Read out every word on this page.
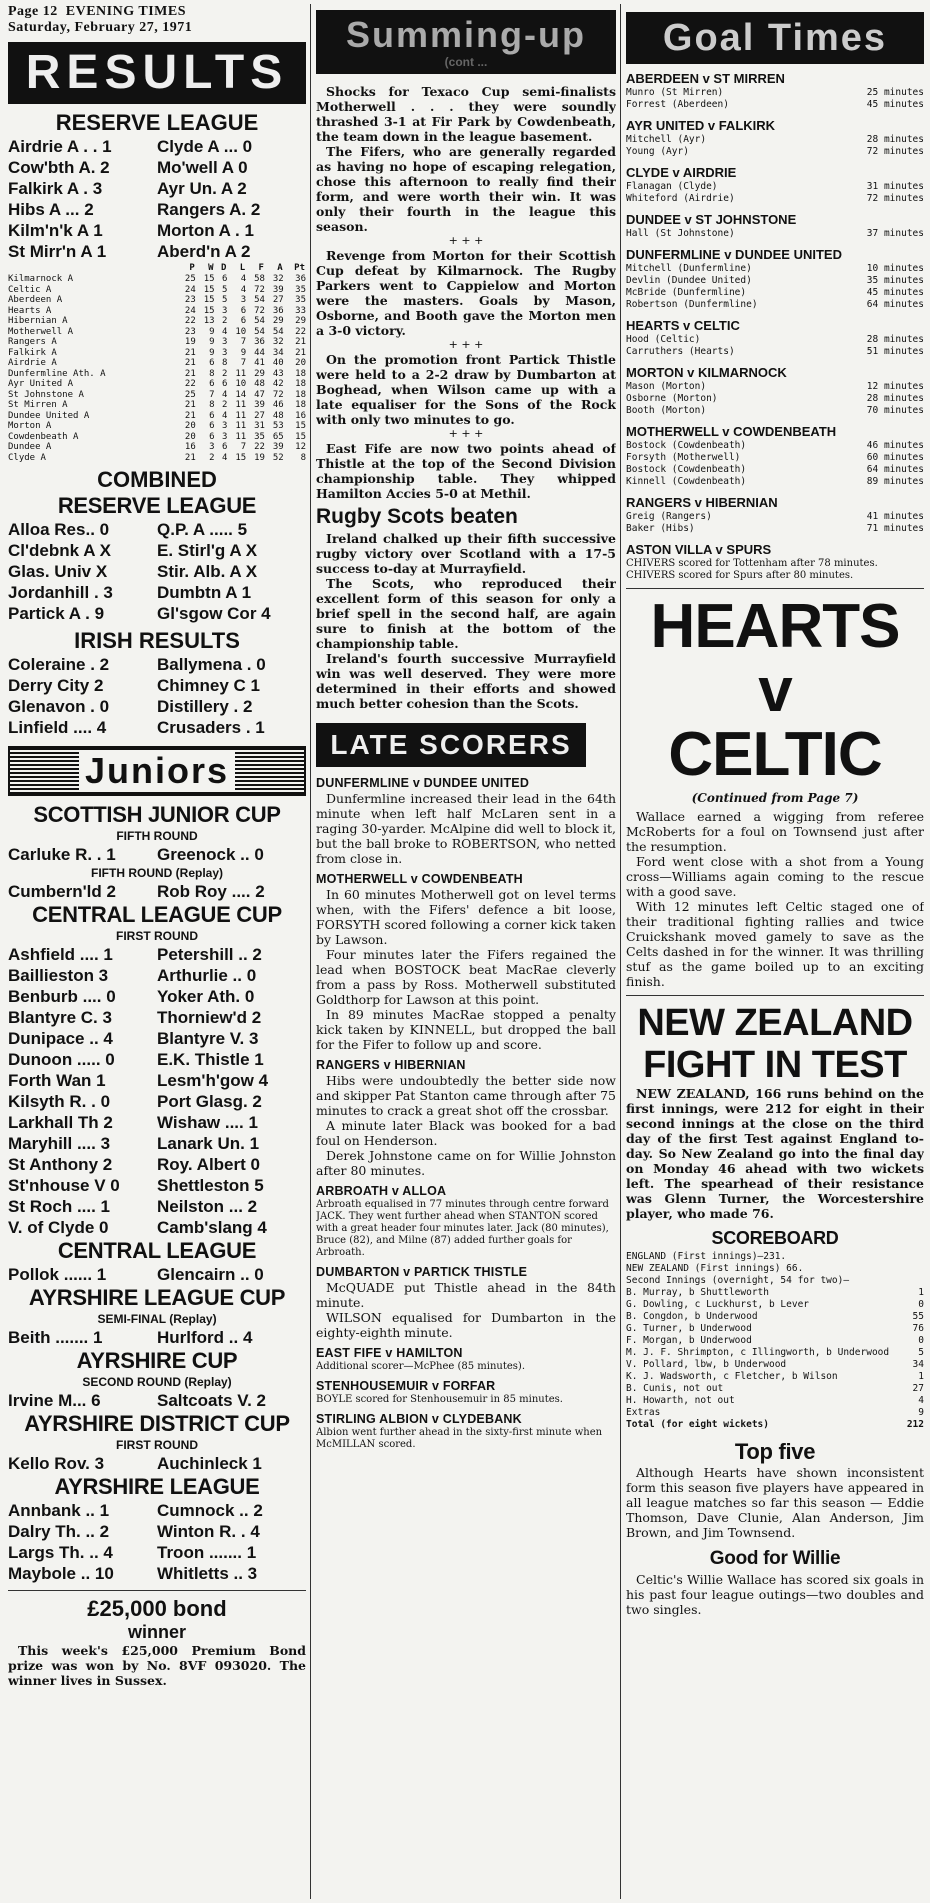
Page 12 EVENING TIMES
Saturday, February 27, 1971
RESULTS
RESERVE LEAGUE
Airdrie A . . 1	Clyde A ... 0
Cow'bth A. 2	Mo'well A 0
Falkirk A . 3	Ayr Un. A 2
Hibs A ... 2	Rangers A. 2
Kilm'n'k A 1	Morton A . 1
St Mirr'n A 1	Aberd'n A 2
	P	W	D	L	F	A	Pt
Kilmarnock A	25	15	6	4	58	32	36
Celtic A	24	15	5	4	72	39	35
Aberdeen A	23	15	5	3	54	27	35
Hearts A	24	15	3	6	72	36	33
Hibernian A	22	13	2	6	54	29	29
Motherwell A	23	9	4	10	54	54	22
Rangers A	19	9	3	7	36	32	21
Falkirk A	21	9	3	9	44	34	21
Airdrie A	21	6	8	7	41	40	20
Dunfermline Ath. A	21	8	2	11	29	43	18
Ayr United A	22	6	6	10	48	42	18
St Johnstone A	25	7	4	14	47	72	18
St Mirren A	21	8	2	11	39	46	18
Dundee United A	21	6	4	11	27	48	16
Morton A	20	6	3	11	31	53	15
Cowdenbeath A	20	6	3	11	35	65	15
Dundee A	16	3	6	7	22	39	12
Clyde A	21	2	4	15	19	52	8
COMBINED
RESERVE LEAGUE
Alloa Res.. 0	Q.P. A ..... 5
Cl'debnk A X	E. Stirl'g A X
Glas. Univ X	Stir. Alb. A X
Jordanhill . 3	Dumbtn A 1
Partick A . 9	Gl'sgow Cor 4
IRISH RESULTS
Coleraine . 2	Ballymena . 0
Derry City 2	Chimney C 1
Glenavon . 0	Distillery . 2
Linfield .... 4	Crusaders . 1
Juniors
SCOTTISH JUNIOR CUP
FIFTH ROUND
Carluke R. . 1	Greenock .. 0
FIFTH ROUND (Replay)
Cumbern'ld 2	Rob Roy .... 2
CENTRAL LEAGUE CUP
FIRST ROUND
Ashfield .... 1	Petershill .. 2
Baillieston 3	Arthurlie .. 0
Benburb .... 0	Yoker Ath. 0
Blantyre C. 3	Thorniew'd 2
Dunipace .. 4	Blantyre V. 3
Dunoon ..... 0	E.K. Thistle 1
Forth Wan 1	Lesm'h'gow 4
Kilsyth R. . 0	Port Glasg. 2
Larkhall Th 2	Wishaw .... 1
Maryhill .... 3	Lanark Un. 1
St Anthony 2	Roy. Albert 0
St'nhouse V 0	Shettleston 5
St Roch .... 1	Neilston ... 2
V. of Clyde 0	Camb'slang 4
CENTRAL LEAGUE
Pollok ...... 1	Glencairn .. 0
AYRSHIRE LEAGUE CUP
SEMI-FINAL (Replay)
Beith ....... 1	Hurlford .. 4
AYRSHIRE CUP
SECOND ROUND (Replay)
Irvine M... 6	Saltcoats V. 2
AYRSHIRE DISTRICT CUP
FIRST ROUND
Kello Rov. 3	Auchinleck 1
AYRSHIRE LEAGUE
Annbank .. 1	Cumnock .. 2
Dalry Th. .. 2	Winton R. . 4
Largs Th. .. 4	Troon ....... 1
Maybole .. 10	Whitletts .. 3
£25,000 bond
winner

This week's £25,000 Premium Bond prize was won by No. 8VF 093020. The winner lives in Sussex.

Summing-up
(cont ...

Shocks for Texaco Cup semi-finalists Motherwell . . . they were soundly thrashed 3-1 at Fir Park by Cowdenbeath, the team down in the league basement.

The Fifers, who are generally regarded as having no hope of escaping relegation, chose this afternoon to really find their form, and were worth their win. It was only their fourth in the league this season.

+ + +

Revenge from Morton for their Scottish Cup defeat by Kilmarnock. The Rugby Parkers went to Cappielow and Morton were the masters. Goals by Mason, Osborne, and Booth gave the Morton men a 3-0 victory.

+ + +

On the promotion front Partick Thistle were held to a 2-2 draw by Dumbarton at Boghead, when Wilson came up with a late equaliser for the Sons of the Rock with only two minutes to go.

+ + +

East Fife are now two points ahead of Thistle at the top of the Second Division championship table. They whipped Hamilton Accies 5-0 at Methil.

Rugby Scots beaten

Ireland chalked up their fifth successive rugby victory over Scotland with a 17-5 success to-day at Murrayfield.

The Scots, who reproduced their excellent form of this season for only a brief spell in the second half, are again sure to finish at the bottom of the championship table.

Ireland's fourth successive Murrayfield win was well deserved. They were more determined in their efforts and showed much better cohesion than the Scots.

LATE SCORERS
DUNFERMLINE v DUNDEE UNITED

Dunfermline increased their lead in the 64th minute when left half McLaren sent in a raging 30-yarder. McAlpine did well to block it, but the ball broke to ROBERTSON, who netted from close in.

MOTHERWELL v COWDENBEATH

In 60 minutes Motherwell got on level terms when, with the Fifers' defence a bit loose, FORSYTH scored following a corner kick taken by Lawson.

Four minutes later the Fifers regained the lead when BOSTOCK beat MacRae cleverly from a pass by Ross. Motherwell substituted Goldthorp for Lawson at this point.

In 89 minutes MacRae stopped a penalty kick taken by KINNELL, but dropped the ball for the Fifer to follow up and score.

RANGERS v HIBERNIAN

Hibs were undoubtedly the better side now and skipper Pat Stanton came through after 75 minutes to crack a great shot off the crossbar.

A minute later Black was booked for a bad foul on Henderson.

Derek Johnstone came on for Willie Johnston after 80 minutes.

ARBROATH v ALLOA

Arbroath equalised in 77 minutes through centre forward JACK. They went further ahead when STANTON scored with a great header four minutes later. Jack (80 minutes), Bruce (82), and Milne (87) added further goals for Arbroath.

DUMBARTON v PARTICK THISTLE

McQUADE put Thistle ahead in the 84th minute.

WILSON equalised for Dumbarton in the eighty-eighth minute.

EAST FIFE v HAMILTON

Additional scorer—McPhee (85 minutes).

STENHOUSEMUIR v FORFAR

BOYLE scored for Stenhousemuir in 85 minutes.

STIRLING ALBION v CLYDEBANK

Albion went further ahead in the sixty-first minute when McMILLAN scored.

Goal Times
ABERDEEN v ST MIRREN
Munro (St Mirren)	25 minutes
Forrest (Aberdeen)	45 minutes
AYR UNITED v FALKIRK
Mitchell (Ayr)	28 minutes
Young (Ayr)	72 minutes
CLYDE v AIRDRIE
Flanagan (Clyde)	31 minutes
Whiteford (Airdrie)	72 minutes
DUNDEE v ST JOHNSTONE
Hall (St Johnstone)	37 minutes
DUNFERMLINE v DUNDEE UNITED
Mitchell (Dunfermline)	10 minutes
Devlin (Dundee United)	35 minutes
McBride (Dunfermline)	45 minutes
Robertson (Dunfermline)	64 minutes
HEARTS v CELTIC
Hood (Celtic)	28 minutes
Carruthers (Hearts)	51 minutes
MORTON v KILMARNOCK
Mason (Morton)	12 minutes
Osborne (Morton)	28 minutes
Booth (Morton)	70 minutes
MOTHERWELL v COWDENBEATH
Bostock (Cowdenbeath)	46 minutes
Forsyth (Motherwell)	60 minutes
Bostock (Cowdenbeath)	64 minutes
Kinnell (Cowdenbeath)	89 minutes
RANGERS v HIBERNIAN
Greig (Rangers)	41 minutes
Baker (Hibs)	71 minutes
ASTON VILLA v SPURS

CHIVERS scored for Tottenham after 78 minutes. CHIVERS scored for Spurs after 80 minutes.

HEARTS v
CELTIC
(Continued from Page 7)

Wallace earned a wigging from referee McRoberts for a foul on Townsend just after the resumption.

Ford went close with a shot from a Young cross—Williams again coming to the rescue with a good save.

With 12 minutes left Celtic staged one of their traditional fighting rallies and twice Cruickshank moved gamely to save as the Celts dashed in for the winner. It was thrilling stuf as the game boiled up to an exciting finish.

NEW ZEALAND
FIGHT IN TEST

NEW ZEALAND, 166 runs behind on the first innings, were 212 for eight in their second innings at the close on the third day of the first Test against England to-day. So New Zealand go into the final day on Monday 46 ahead with two wickets left. The spearhead of their resistance was Glenn Turner, the Worcestershire player, who made 76.

SCOREBOARD
ENGLAND (First innings)—231.
NEW ZEALAND (First innings) 66.
Second Innings (overnight, 54 for two)—
B. Murray, b Shuttleworth	1
G. Dowling, c Luckhurst, b Lever	0
B. Congdon, b Underwood	55
G. Turner, b Underwood	76
F. Morgan, b Underwood	0
M. J. F. Shrimpton, c Illingworth, b Underwood	5
V. Pollard, lbw, b Underwood	34
K. J. Wadsworth, c Fletcher, b Wilson	1
B. Cunis, not out	27
H. Howarth, not out	4
Extras	9
Total (for eight wickets)	212
Top five

Although Hearts have shown inconsistent form this season five players have appeared in all league matches so far this season — Eddie Thomson, Dave Clunie, Alan Anderson, Jim Brown, and Jim Townsend.

Good for Willie

Celtic's Willie Wallace has scored six goals in his past four league outings—two doubles and two singles.
